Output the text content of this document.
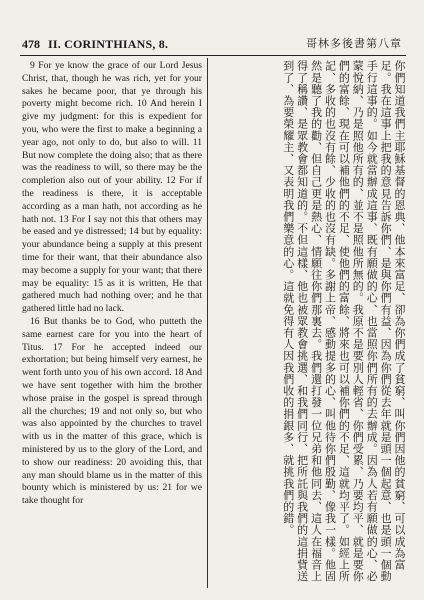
478 II. CORINTHIANS, 8.	哥林多後書第八章

9 For ye know the grace of our Lord Jesus Christ, that, though he was rich, yet for your sakes he became poor, that ye through his poverty might become rich. 10 And herein I give my judgment: for this is expedient for you, who were the first to make a beginning a year ago, not only to do, but also to will. 11 But now complete the doing also; that as there was the readiness to will, so there may be the completion also out of your ability. 12 For if the readiness is there, it is acceptable according as a man hath, not according as he hath not. 13 For I say not this that others may be eased and ye distressed; 14 but by equality: your abundance being a supply at this present time for their want, that their abundance also may become a supply for your want; that there may be equality: 15 as it is written, He that gathered much had nothing over; and he that gathered little had no lack.

16 But thanks be to God, who putteth the same earnest care for you into the heart of Titus. 17 For he accepted indeed our exhortation; but being himself very earnest, he went forth unto you of his own accord. 18 And we have sent together with him the brother whose praise in the gospel is spread through all the churches; 19 and not only so, but who was also appointed by the churches to travel with us in the matter of this grace, which is ministered by us to the glory of the Lord, and to show our readiness: 20 avoiding this, that any man should blame us in the matter of this bounty which is ministered by us: 21 for we take thought for	你們知道我們主耶穌基督的恩典、他本來富足、卻為你們成了貧窮、叫你們因他的貧窮、可以成為富足。我在這事上把我的意見告訴你們、是與你們有益、因為你們從去年就是頭一個起意、也是頭一個動手行這事的。如今就當辦成這事、既有願做的心、也當照你們所有的去辦成。因為人若有願做的心、必蒙悅納、乃是照他所有的、並不是照他所無的。我原不是要別人輕省、你們受累、乃要均平、就是要你們的富餘、現在可以補他們的不足、使他們的富餘、將來也可以補你們的不足、這就均平了。如經上所記、多收的也沒有餘、少收的也沒有缺。多謝上帝、感動提多的心、叫他待你們殷勤、像我一樣。他固然是聽了我的勸、但自己更是熱心、情願往你們那裏去。我們還打發一位兄弟和他同去、這人在福音上得了稱讚、是眾教會都知道的。不但這樣、他也被眾教會挑選、和我們同行、把所託與我們的這捐貲送到了、為要榮耀主、又表明我們樂意的心。這就免得有人因我們收的捐銀多、就挑我們的錯。
